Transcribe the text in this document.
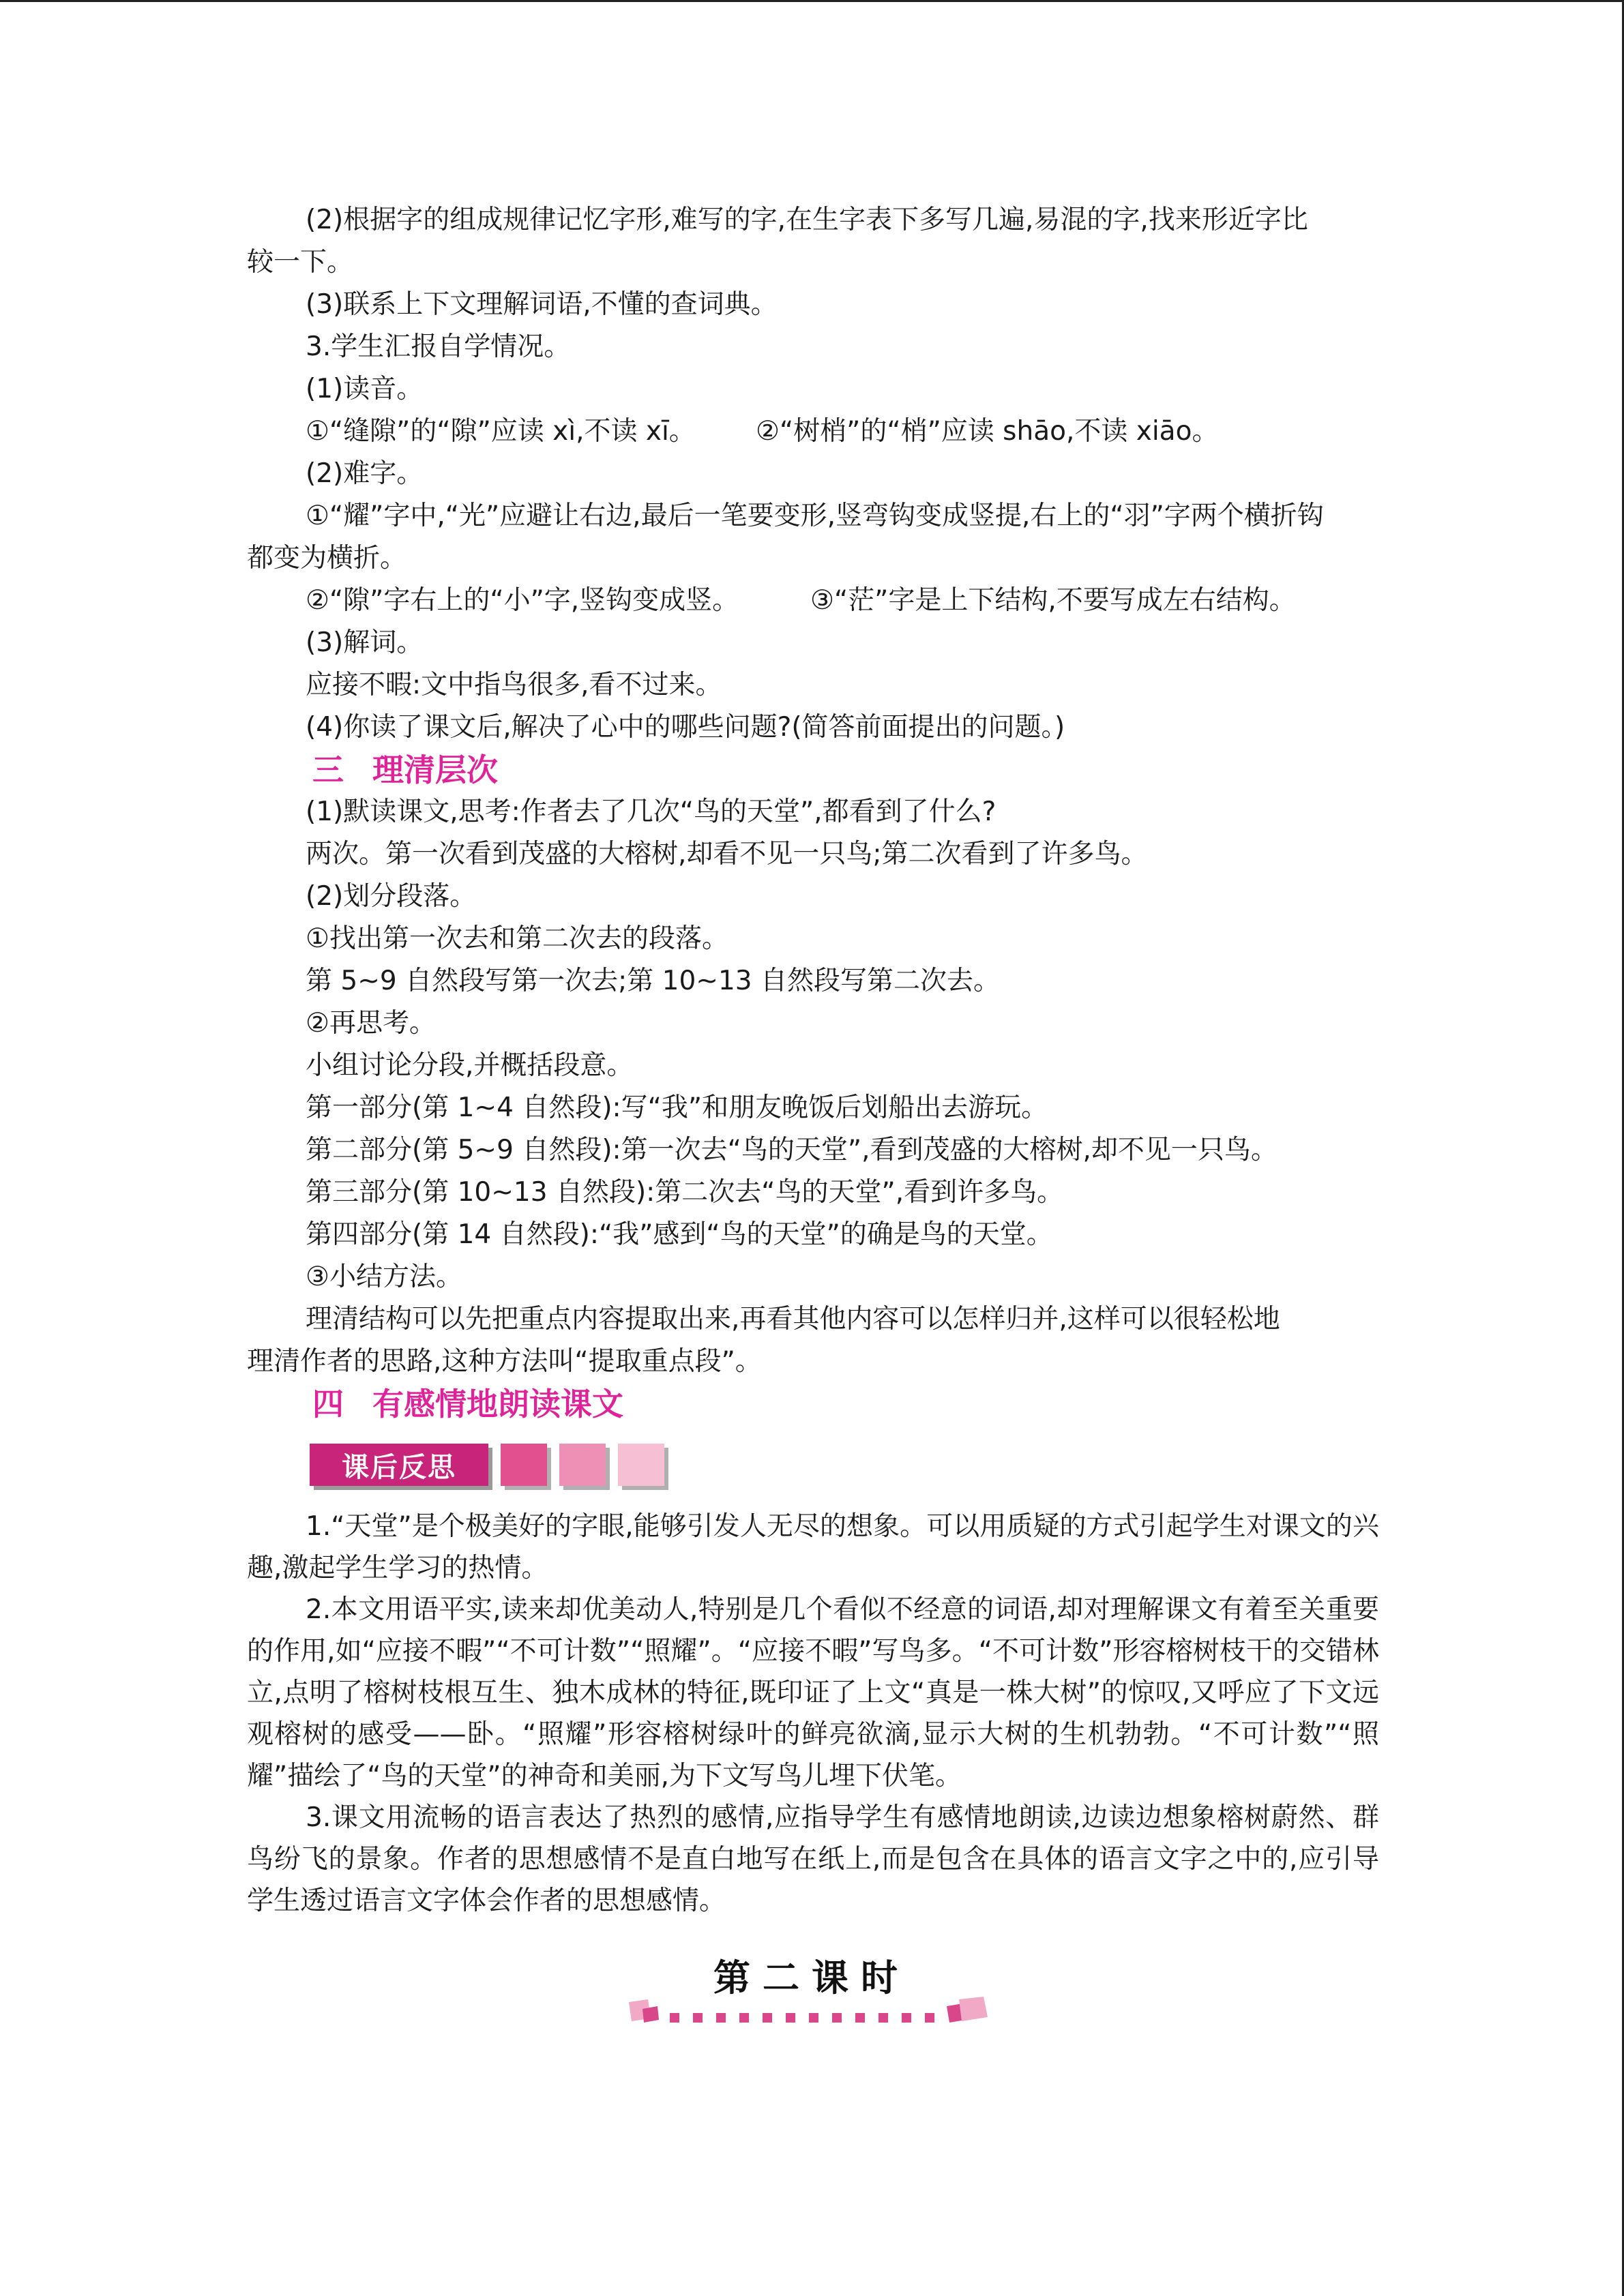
(2)根据字的组成规律记忆字形,难写的字,在生字表下多写几遍,易混的字,找来形近字比

较一下。

(3)联系上下文理解词语,不懂的查词典。

3.学生汇报自学情况。

(1)读音。

①“缝隙”的“隙”应读 xì,不读 xī。	②“树梢”的“梢”应读 shāo,不读 xiāo。

(2)难字。

①“耀”字中,“光”应避让右边,最后一笔要变形,竖弯钩变成竖提,右上的“羽”字两个横折钩

都变为横折。

②“隙”字右上的“小”字,竖钩变成竖。	③“茫”字是上下结构,不要写成左右结构。

(3)解词。

应接不暇:文中指鸟很多,看不过来。

(4)你读了课文后,解决了心中的哪些问题?(简答前面提出的问题。)

三 理清层次

(1)默读课文,思考:作者去了几次“鸟的天堂”,都看到了什么?

两次。第一次看到茂盛的大榕树,却看不见一只鸟;第二次看到了许多鸟。

(2)划分段落。

①找出第一次去和第二次去的段落。

第 5~9 自然段写第一次去;第 10~13 自然段写第二次去。

②再思考。

小组讨论分段,并概括段意。

第一部分(第 1~4 自然段):写“我”和朋友晚饭后划船出去游玩。

第二部分(第 5~9 自然段):第一次去“鸟的天堂”,看到茂盛的大榕树,却不见一只鸟。

第三部分(第 10~13 自然段):第二次去“鸟的天堂”,看到许多鸟。

第四部分(第 14 自然段):“我”感到“鸟的天堂”的确是鸟的天堂。

③小结方法。

理清结构可以先把重点内容提取出来,再看其他内容可以怎样归并,这样可以很轻松地

理清作者的思路,这种方法叫“提取重点段”。

四 有感情地朗读课文

课后反思

1.“天堂”是个极美好的字眼,能够引发人无尽的想象。可以用质疑的方式引起学生对课文的兴趣,激起学生学习的热情。

2.本文用语平实,读来却优美动人,特别是几个看似不经意的词语,却对理解课文有着至关重要的作用,如“应接不暇”“不可计数”“照耀”。“应接不暇”写鸟多。“不可计数”形容榕树枝干的交错林立,点明了榕树枝根互生、独木成林的特征,既印证了上文“真是一株大树”的惊叹,又呼应了下文远观榕树的感受——卧。“照耀”形容榕树绿叶的鲜亮欲滴,显示大树的生机勃勃。“不可计数”“照耀”描绘了“鸟的天堂”的神奇和美丽,为下文写鸟儿埋下伏笔。

3.课文用流畅的语言表达了热烈的感情,应指导学生有感情地朗读,边读边想象榕树蔚然、群鸟纷飞的景象。作者的思想感情不是直白地写在纸上,而是包含在具体的语言文字之中的,应引导学生透过语言文字体会作者的思想感情。

第二课时
